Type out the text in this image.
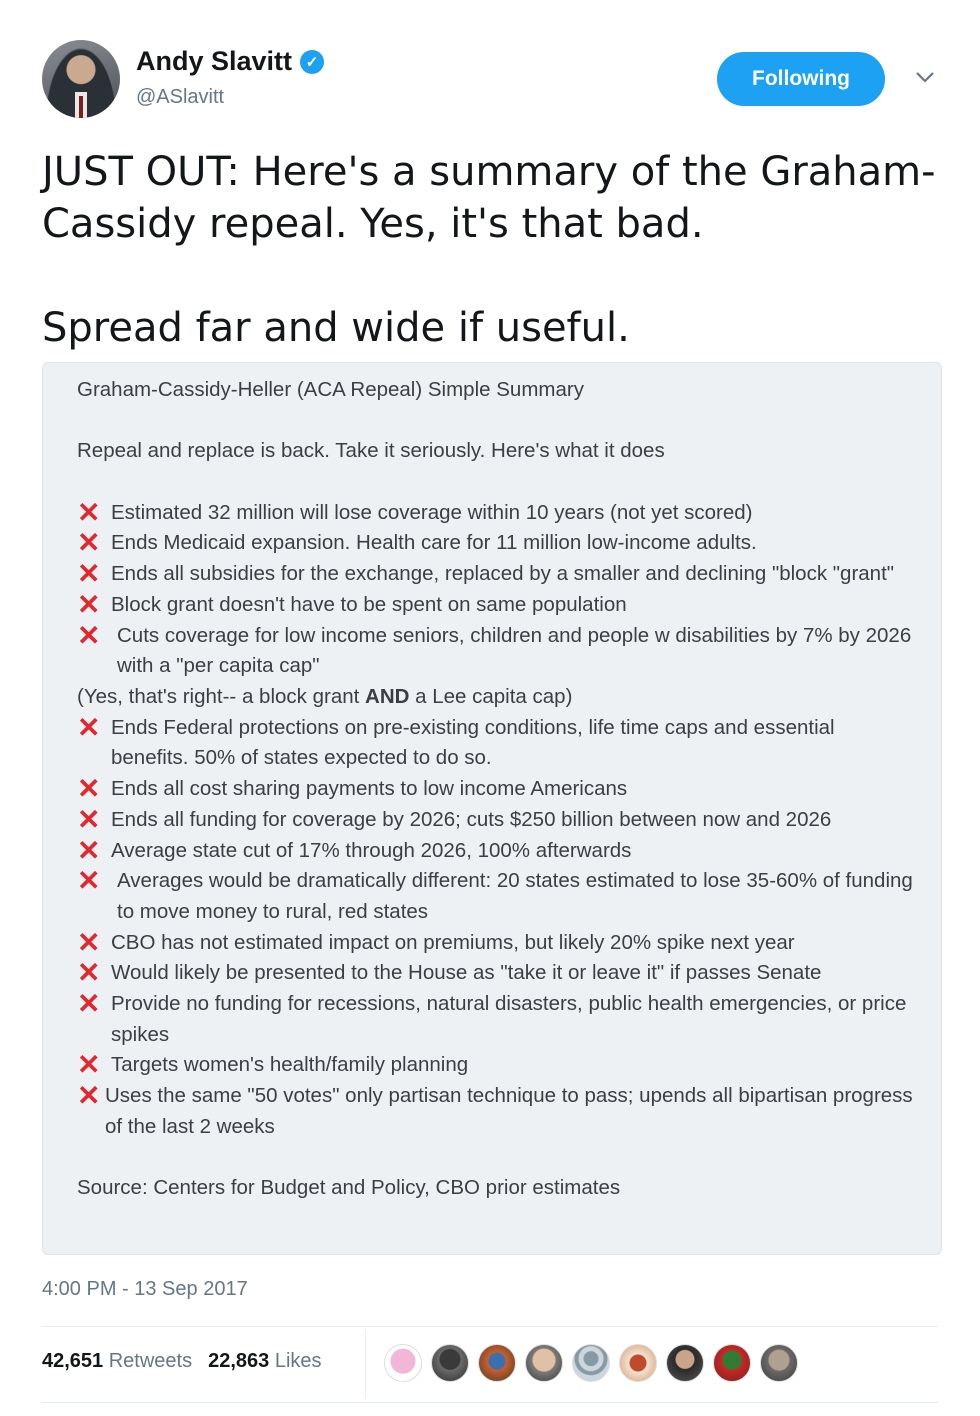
Andy Slavitt ✓
@ASlavitt
Following

JUST OUT: Here's a summary of the Graham-Cassidy repeal. Yes, it's that bad.

Spread far and wide if useful.

Graham-Cassidy-Heller (ACA Repeal) Simple Summary
Repeal and replace is back. Take it seriously. Here's what it does
✕ Estimated 32 million will lose coverage within 10 years (not yet scored)
✕ Ends Medicaid expansion. Health care for 11 million low-income adults.
✕ Ends all subsidies for the exchange, replaced by a smaller and declining "block "grant"
✕ Block grant doesn't have to be spent on same population
✕ Cuts coverage for low income seniors, children and people w disabilities by 7% by 2026 with a "per capita cap"
(Yes, that's right-- a block grant AND a Lee capita cap)
✕ Ends Federal protections on pre-existing conditions, life time caps and essential benefits. 50% of states expected to do so.
✕ Ends all cost sharing payments to low income Americans
✕ Ends all funding for coverage by 2026; cuts $250 billion between now and 2026
✕ Average state cut of 17% through 2026, 100% afterwards
✕ Averages would be dramatically different: 20 states estimated to lose 35-60% of funding to move money to rural, red states
✕ CBO has not estimated impact on premiums, but likely 20% spike next year
✕ Would likely be presented to the House as "take it or leave it" if passes Senate
✕ Provide no funding for recessions, natural disasters, public health emergencies, or price spikes
✕ Targets women's health/family planning
✕ Uses the same "50 votes" only partisan technique to pass; upends all bipartisan progress of the last 2 weeks
Source: Centers for Budget and Policy, CBO prior estimates
4:00 PM - 13 Sep 2017
42,651 Retweets 22,863 Likes
